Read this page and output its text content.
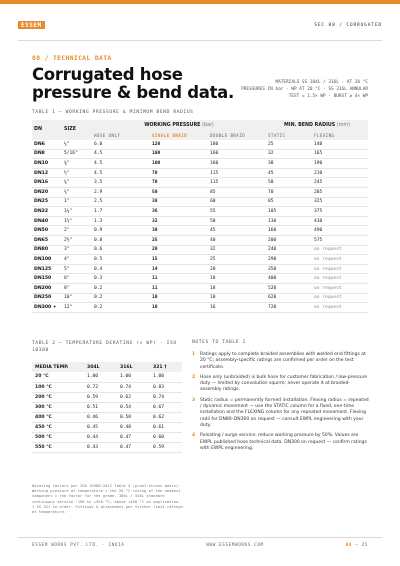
ESSEM	SEC 08 / CORRUGATED
08 / TECHNICAL DATA
Corrugated hose
pressure & bend data.	MATERIALS SS 304L / 316L · AT 20 °C
PRESSURES IN bar · WP AT 20 °C · SS 316L ANNULAR
TEST = 1.5× WP · BURST ≥ 4× WP
TABLE 1 — WORKING PRESSURE & MINIMUM BEND RADIUS
DN	SIZE	WORKING PRESSURE (bar)			MIN. BEND RADIUS (mm)	
		HOSE ONLY	SINGLE BRAID	DOUBLE BRAID	STATIC	FLEXING
DN6	¼"	6.0	120	180	25	140
DN8	5/16"	4.5	100	160	32	165
DN10	⅜"	4.5	100	160	38	190
DN12	½"	4.5	70	115	45	210
DN16	⅝"	3.5	70	115	58	245
DN20	¾"	2.9	50	85	70	285
DN25	1"	2.5	38	60	85	325
DN32	1¼"	1.7	36	55	105	375
DN40	1½"	1.3	32	50	130	430
DN50	2"	0.9	30	45	160	490
DN65	2½"	0.8	25	40	200	575
DN80	3"	0.6	20	32	240	on request
DN100	4"	0.5	15	25	290	on request
DN125	5"	0.4	14	20	350	on request
DN150	6"	0.3	11	18	400	on request
DN200	8"	0.2	11	18	520	on request
DN250	10"	0.2	10	18	620	on request
DN300 +	12"	0.2	10	16	720	on request
TABLE 2 — TEMPERATURE DERATING (× WP) · ISO 10380
NOTES TO TABLE 1
MEDIA TEMP.	304L	316L	321 †
20 °C	1.00	1.00	1.00
100 °C	0.72	0.74	0.83
200 °C	0.59	0.62	0.74
300 °C	0.51	0.54	0.67
400 °C	0.46	0.50	0.62
450 °C	0.45	0.48	0.61
500 °C	0.44	0.47	0.60
550 °C	0.43	0.47	0.59
Derating factors per ISO 10380:2012 Table 3 (proof-stress basis). Working pressure at temperature = the 20 °C rating of the weakest component × the factor for the grade. 304L / 316L standard continuous service -196 to +550 °C; above +450 °C on application. † SS 321 to order. Fittings & attachment per further limit ratings at temperature.
1	Ratings apply to complete braided assemblies with welded end fittings at 20 °C; assembly-specific ratings are confirmed per order on the test certificate.
2	Hose only (unbraided) is bulk hose for customer fabrication / low-pressure duty — limited by convolution squirm; never operate it at braided-assembly ratings.
3	Static radius = permanently formed installation. Flexing radius = repeated / dynamic movement — use the STATIC column for a fixed, one-time installation and the FLEXING column for any repeated movement. Flexing radii for DN80–DN300 on request — consult EWPL engineering with your duty.
4	Pulsating / surge service: reduce working pressure by 50%. Values are EWPL published hose technical data. DN300 on request — confirm ratings with EWPL engineering.
ESSEM WORKS PVT. LTD. · INDIA	WWW.ESSEMWORKS.COM	08 — 25
